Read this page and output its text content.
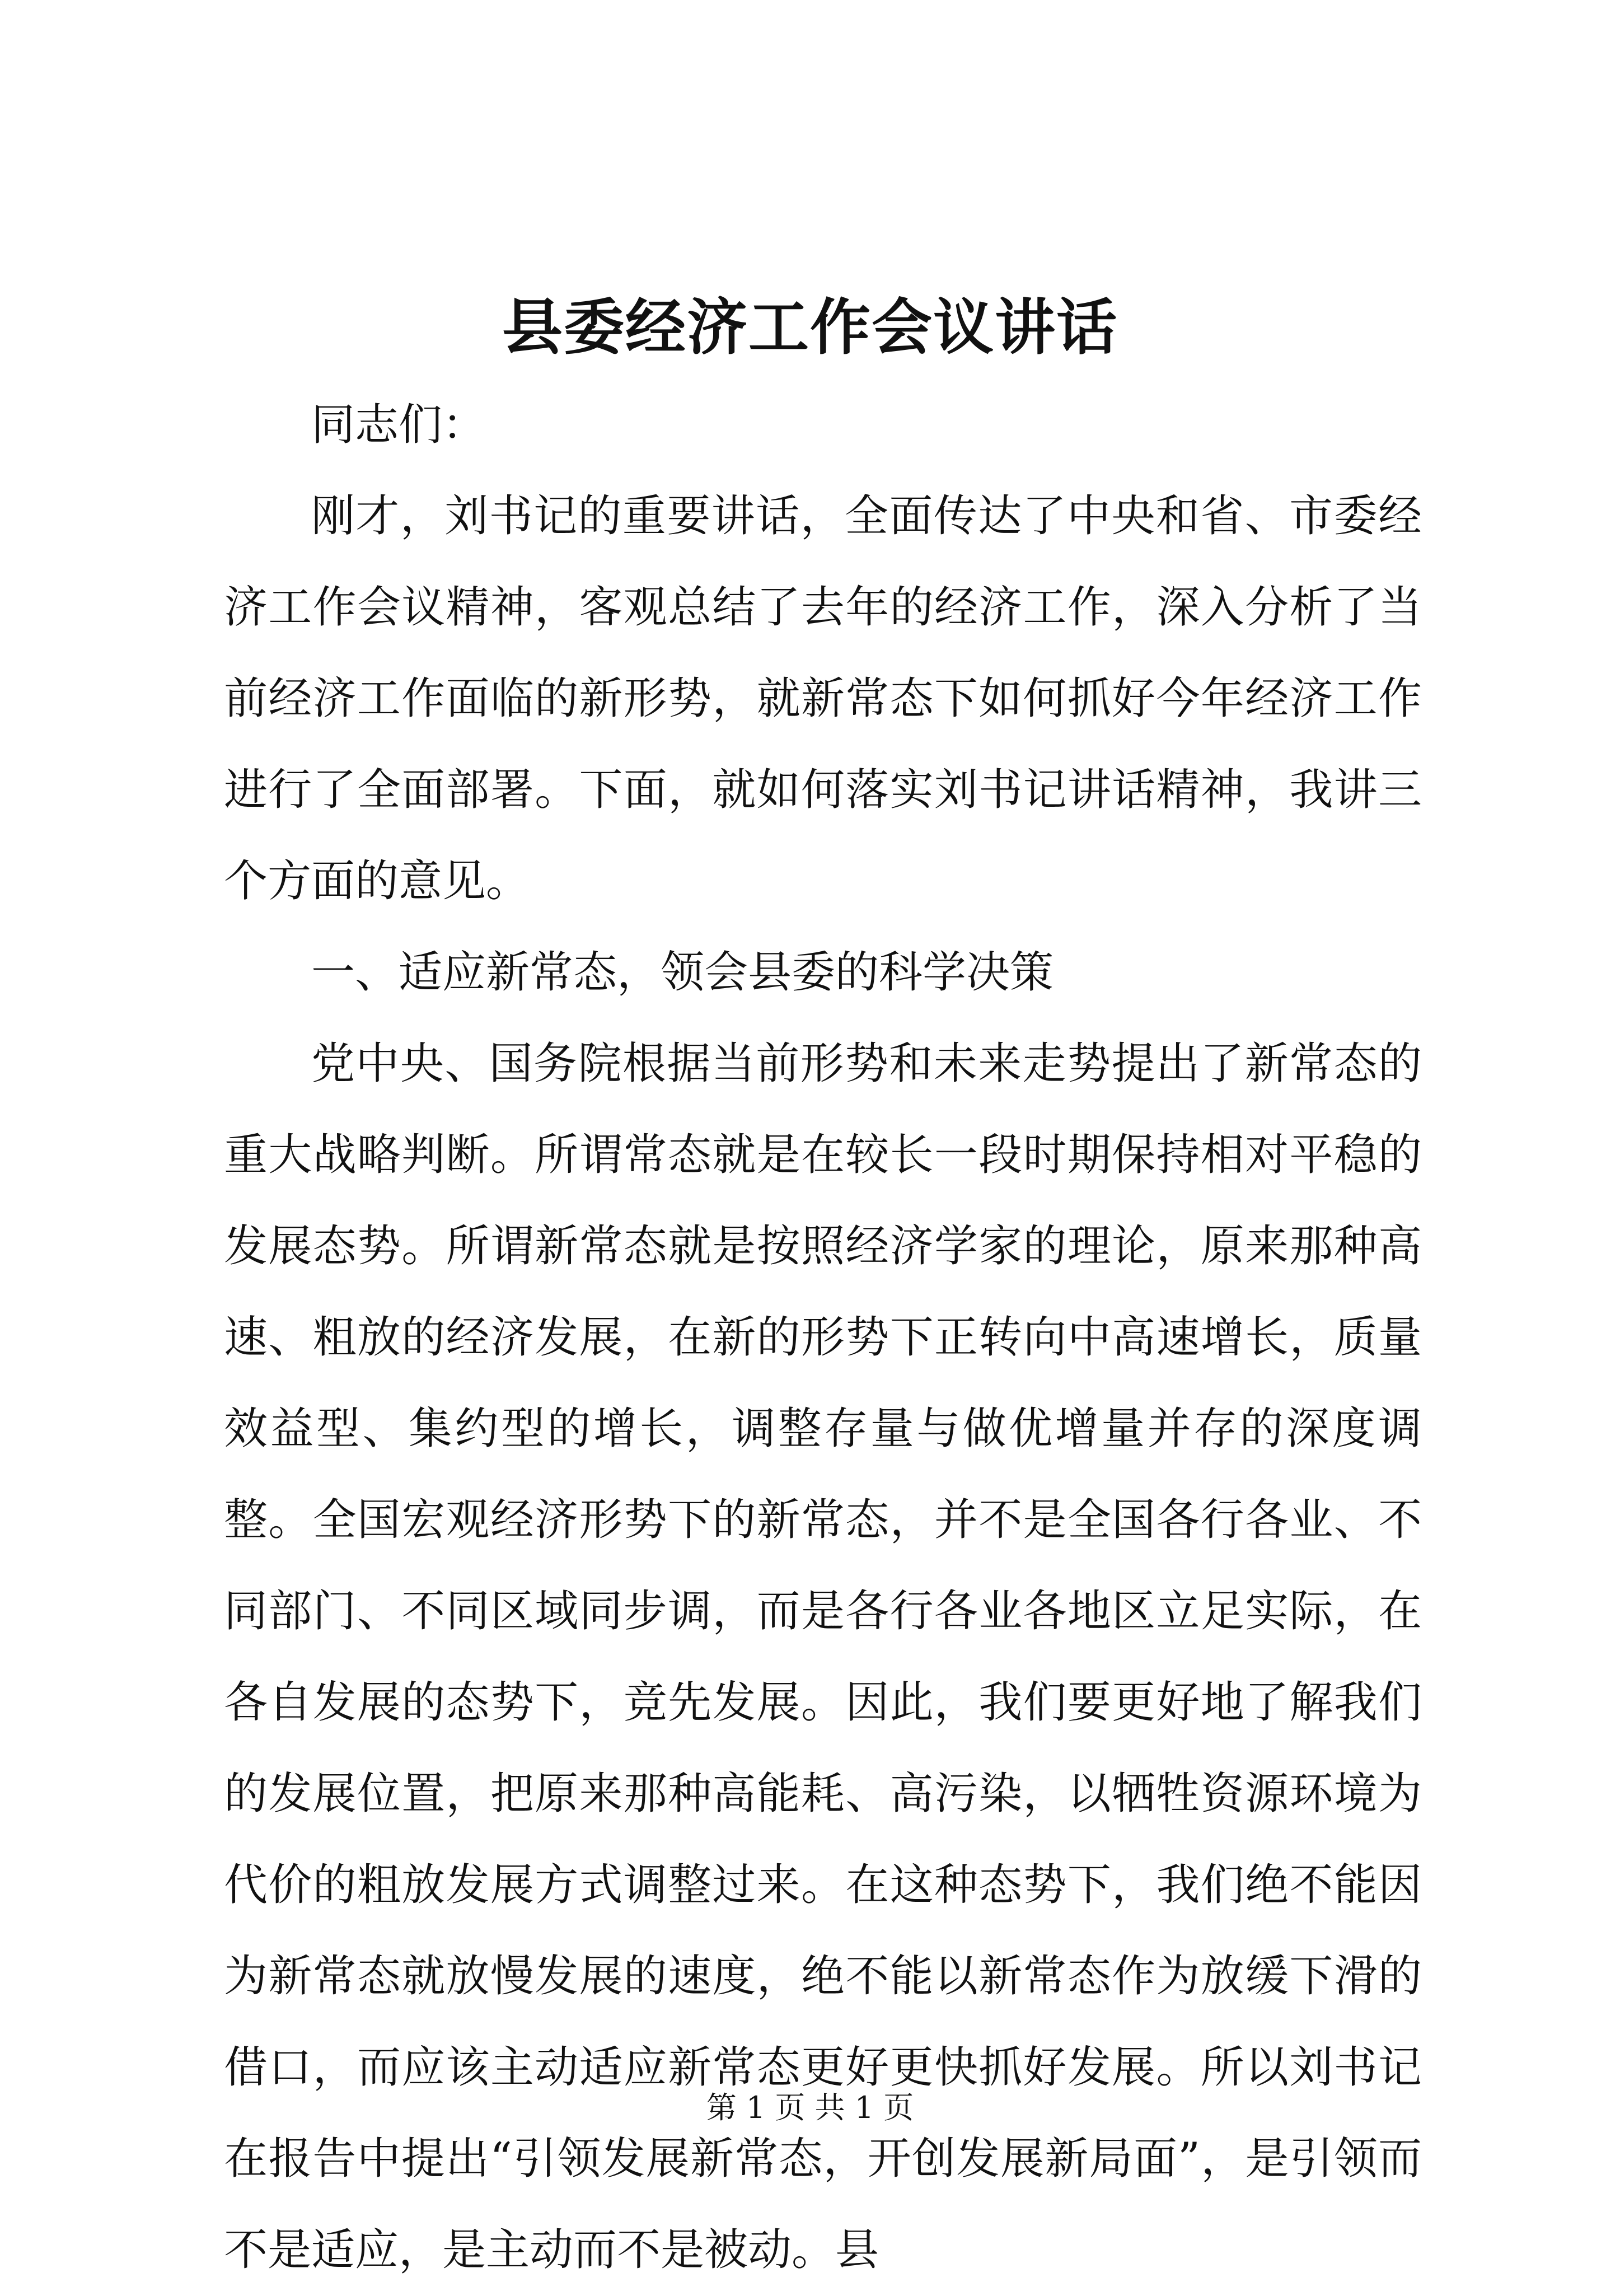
县委经济工作会议讲话

同志们：

刚才，刘书记的重要讲话，全面传达了中央和省、市委经济工作会议精神，客观总结了去年的经济工作，深入分析了当前经济工作面临的新形势，就新常态下如何抓好今年经济工作进行了全面部署。下面，就如何落实刘书记讲话精神，我讲三个方面的意见。

一、适应新常态，领会县委的科学决策

党中央、国务院根据当前形势和未来走势提出了新常态的重大战略判断。所谓常态就是在较长一段时期保持相对平稳的发展态势。所谓新常态就是按照经济学家的理论，原来那种高速、粗放的经济发展，在新的形势下正转向中高速增长，质量效益型、集约型的增长，调整存量与做优增量并存的深度调整。全国宏观经济形势下的新常态，并不是全国各行各业、不同部门、不同区域同步调，而是各行各业各地区立足实际，在各自发展的态势下，竞先发展。因此，我们要更好地了解我们的发展位置，把原来那种高能耗、高污染，以牺牲资源环境为代价的粗放发展方式调整过来。在这种态势下，我们绝不能因为新常态就放慢发展的速度，绝不能以新常态作为放缓下滑的借口，而应该主动适应新常态更好更快抓好发展。所以刘书记在报告中提出“引领发展新常态，开创发展新局面”，是引领而不是适应，是主动而不是被动。县

第 1 页 共 1 页
